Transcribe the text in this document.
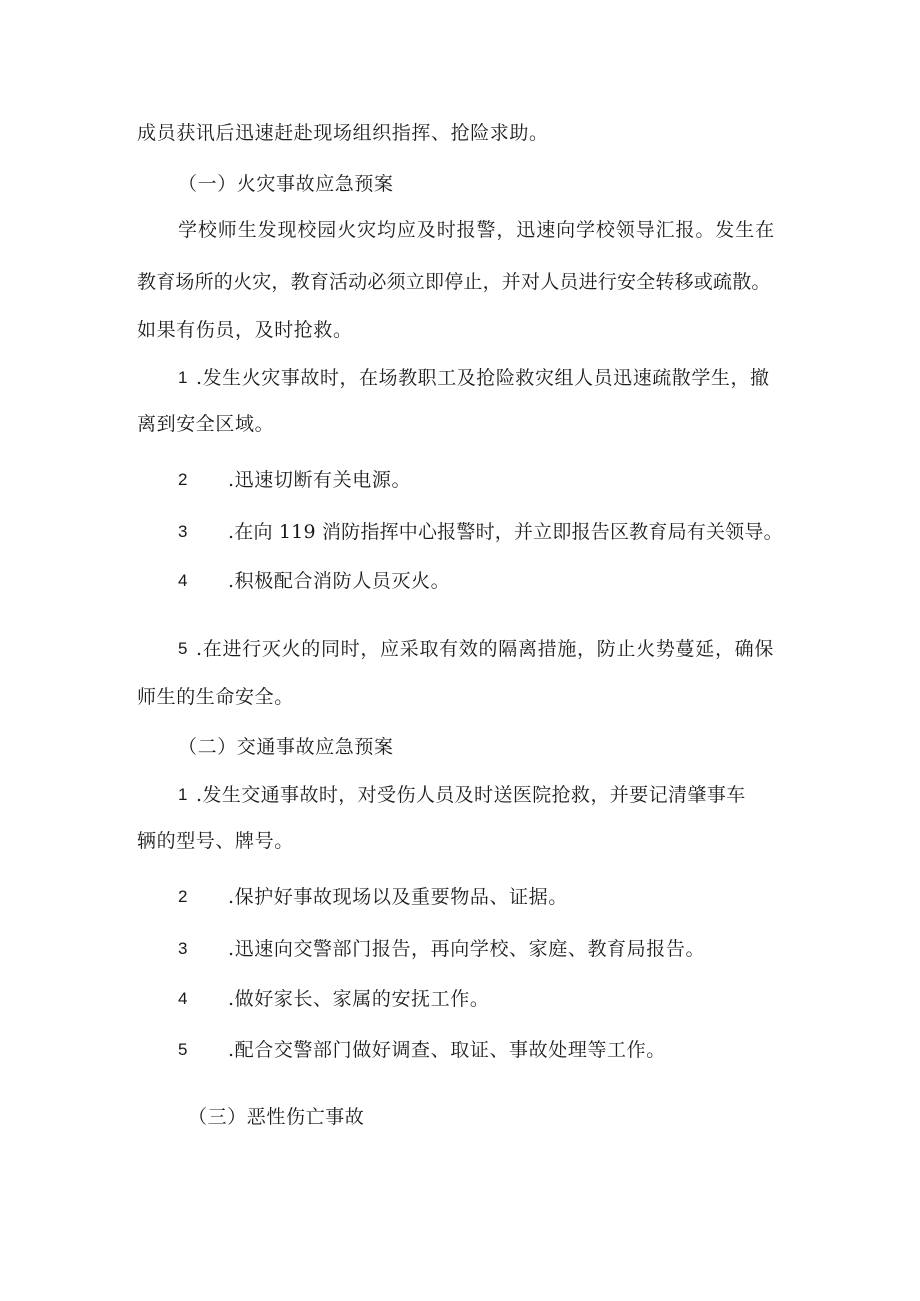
成员获讯后迅速赶赴现场组织指挥、抢险求助。
（一）火灾事故应急预案
学校师生发现校园火灾均应及时报警，迅速向学校领导汇报。发生在
教育场所的火灾，教育活动必须立即停止，并对人员进行安全转移或疏散。
如果有伤员，及时抢救。
1 .发生火灾事故时，在场教职工及抢险救灾组人员迅速疏散学生，撤
离到安全区域。
2 .迅速切断有关电源。
3 .在向 119 消防指挥中心报警时，并立即报告区教育局有关领导。
4 .积极配合消防人员灭火。
5 .在进行灭火的同时，应采取有效的隔离措施，防止火势蔓延，确保
师生的生命安全。
（二）交通事故应急预案
1 .发生交通事故时，对受伤人员及时送医院抢救，并要记清肇事车
辆的型号、牌号。
2 .保护好事故现场以及重要物品、证据。
3 .迅速向交警部门报告，再向学校、家庭、教育局报告。
4 .做好家长、家属的安抚工作。
5 .配合交警部门做好调查、取证、事故处理等工作。
（三）恶性伤亡事故
